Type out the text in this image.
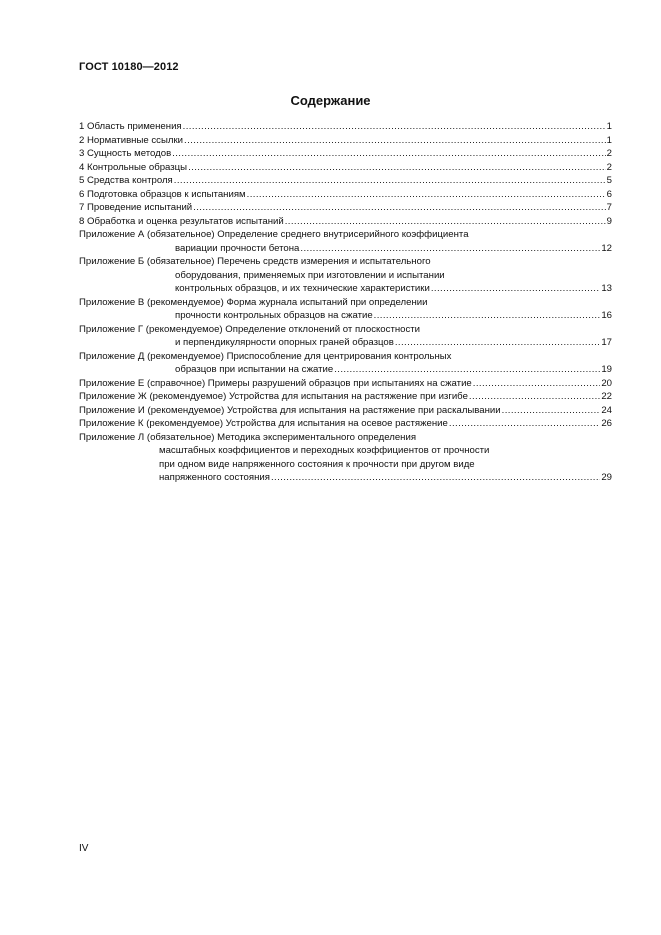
ГОСТ 10180—2012
Содержание
1 Область применения .....	1
2 Нормативные ссылки .....	1
3 Сущность методов .....	2
4 Контрольные образцы .....	2
5 Средства контроля .....	5
6 Подготовка образцов к испытаниям .....	6
7 Проведение испытаний .....	7
8 Обработка и оценка результатов испытаний .....	9
Приложение А (обязательное) Определение среднего внутрисерийного коэффициента
вариации прочности бетона .....	12
Приложение Б (обязательное) Перечень средств измерения и испытательного
оборудования, применяемых при изготовлении и испытании
контрольных образцов, и их технические характеристики .....	13
Приложение В (рекомендуемое) Форма журнала испытаний при определении
прочности контрольных образцов на сжатие .....	16
Приложение Г (рекомендуемое) Определение отклонений от плоскостности
и перпендикулярности опорных граней образцов .....	17
Приложение Д (рекомендуемое) Приспособление для центрирования контрольных
образцов при испытании на сжатие .....	19
Приложение Е (справочное) Примеры разрушений образцов при испытаниях на сжатие .....	20
Приложение Ж (рекомендуемое) Устройства для испытания на растяжение при изгибе .....	22
Приложение И (рекомендуемое) Устройства для испытания на растяжение при раскалывании .....	24
Приложение К (рекомендуемое) Устройства для испытания на осевое растяжение .....	26
Приложение Л (обязательное) Методика экспериментального определения
масштабных коэффициентов и переходных коэффициентов от прочности
при одном виде напряженного состояния к прочности при другом виде
напряженного состояния .....	29
IV
